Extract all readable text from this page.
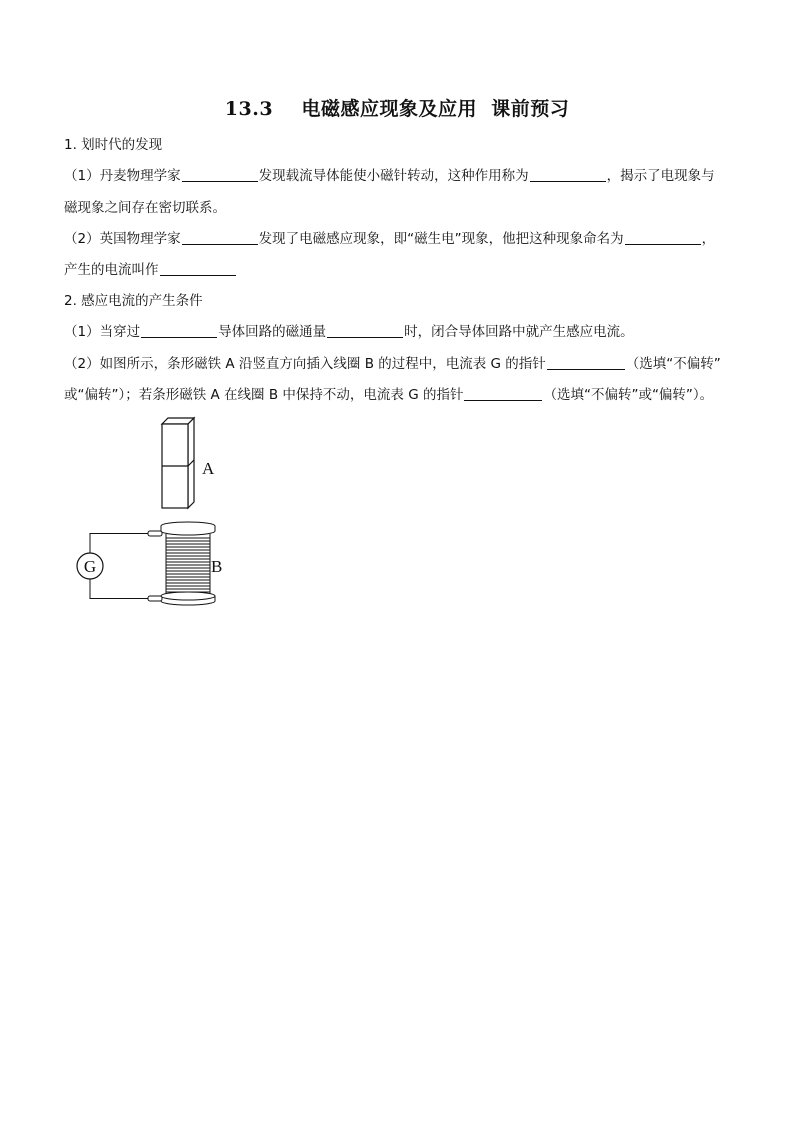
13.3    电磁感应现象及应用  课前预习
1. 划时代的发现
（1）丹麦物理学家	发现载流导体能使小磁针转动，这种作用称为	，揭示了电现象与
磁现象之间存在密切联系。
（2）英国物理学家	发现了电磁感应现象，即“磁生电”现象，他把这种现象命名为	，
产生的电流叫作
2. 感应电流的产生条件
（1）当穿过	导体回路的磁通量	时，闭合导体回路中就产生感应电流。
（2）如图所示，条形磁铁 A 沿竖直方向插入线圈 B 的过程中，电流表 G 的指针	（选填“不偏转”
或“偏转”）；若条形磁铁 A 在线圈 B 中保持不动，电流表 G 的指针	（选填“不偏转”或“偏转”）。
A
B
G
